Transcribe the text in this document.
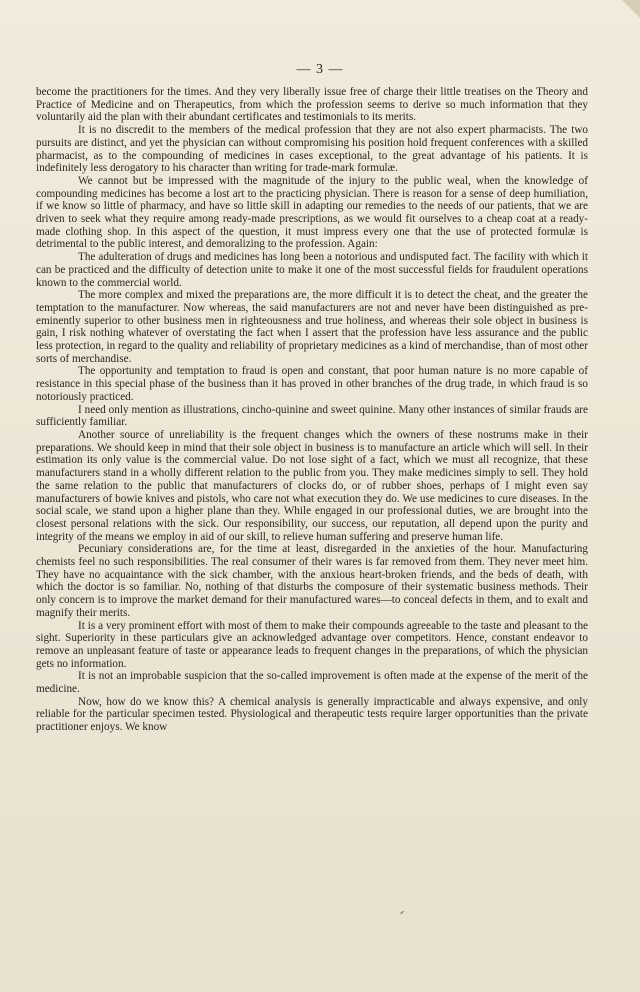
— 3 —

become the practitioners for the times. And they very liberally issue free of charge their little treatises on the Theory and Practice of Medicine and on Therapeutics, from which the profession seems to derive so much information that they voluntarily aid the plan with their abundant certificates and testimonials to its merits.

It is no discredit to the members of the medical profession that they are not also expert pharmacists. The two pursuits are distinct, and yet the physician can without compromising his position hold frequent conferences with a skilled pharmacist, as to the compounding of medicines in cases exceptional, to the great advantage of his patients. It is indefinitely less derogatory to his character than writing for trade-mark formulæ.

We cannot but be impressed with the magnitude of the injury to the public weal, when the knowledge of compounding medicines has become a lost art to the practicing physician. There is reason for a sense of deep humiliation, if we know so little of pharmacy, and have so little skill in adapting our remedies to the needs of our patients, that we are driven to seek what they require among ready-made prescriptions, as we would fit ourselves to a cheap coat at a ready-made clothing shop. In this aspect of the question, it must impress every one that the use of protected formulæ is detrimental to the public interest, and demoralizing to the profession. Again:

The adulteration of drugs and medicines has long been a notorious and undisputed fact. The facility with which it can be practiced and the difficulty of detection unite to make it one of the most successful fields for fraudulent operations known to the commercial world.

The more complex and mixed the preparations are, the more difficult it is to detect the cheat, and the greater the temptation to the manufacturer. Now whereas, the said manufacturers are not and never have been distinguished as pre-eminently superior to other business men in righteousness and true holiness, and whereas their sole object in business is gain, I risk nothing whatever of overstating the fact when I assert that the profession have less assurance and the public less protection, in regard to the quality and reliability of proprietary medicines as a kind of merchandise, than of most other sorts of merchandise.

The opportunity and temptation to fraud is open and constant, that poor human nature is no more capable of resistance in this special phase of the business than it has proved in other branches of the drug trade, in which fraud is so notoriously practiced.

I need only mention as illustrations, cincho-quinine and sweet quinine. Many other instances of similar frauds are sufficiently familiar.

Another source of unreliability is the frequent changes which the owners of these nostrums make in their preparations. We should keep in mind that their sole object in business is to manufacture an article which will sell. In their estimation its only value is the commercial value. Do not lose sight of a fact, which we must all recognize, that these manufacturers stand in a wholly different relation to the public from you. They make medicines simply to sell. They hold the same relation to the public that manufacturers of clocks do, or of rubber shoes, perhaps of I might even say manufacturers of bowie knives and pistols, who care not what execution they do. We use medicines to cure diseases. In the social scale, we stand upon a higher plane than they. While engaged in our professional duties, we are brought into the closest personal relations with the sick. Our responsibility, our success, our reputation, all depend upon the purity and integrity of the means we employ in aid of our skill, to relieve human suffering and preserve human life.

Pecuniary considerations are, for the time at least, disregarded in the anxieties of the hour. Manufacturing chemists feel no such responsibilities. The real consumer of their wares is far removed from them. They never meet him. They have no acquaintance with the sick chamber, with the anxious heart-broken friends, and the beds of death, with which the doctor is so familiar. No, nothing of that disturbs the composure of their systematic business methods. Their only concern is to improve the market demand for their manufactured wares—to conceal defects in them, and to exalt and magnify their merits.

It is a very prominent effort with most of them to make their compounds agreeable to the taste and pleasant to the sight. Superiority in these particulars give an acknowledged advantage over competitors. Hence, constant endeavor to remove an unpleasant feature of taste or appearance leads to frequent changes in the preparations, of which the physician gets no information.

It is not an improbable suspicion that the so-called improvement is often made at the expense of the merit of the medicine.

Now, how do we know this? A chemical analysis is generally impracticable and always expensive, and only reliable for the particular specimen tested. Physiological and therapeutic tests require larger opportunities than the private practitioner enjoys. We know
